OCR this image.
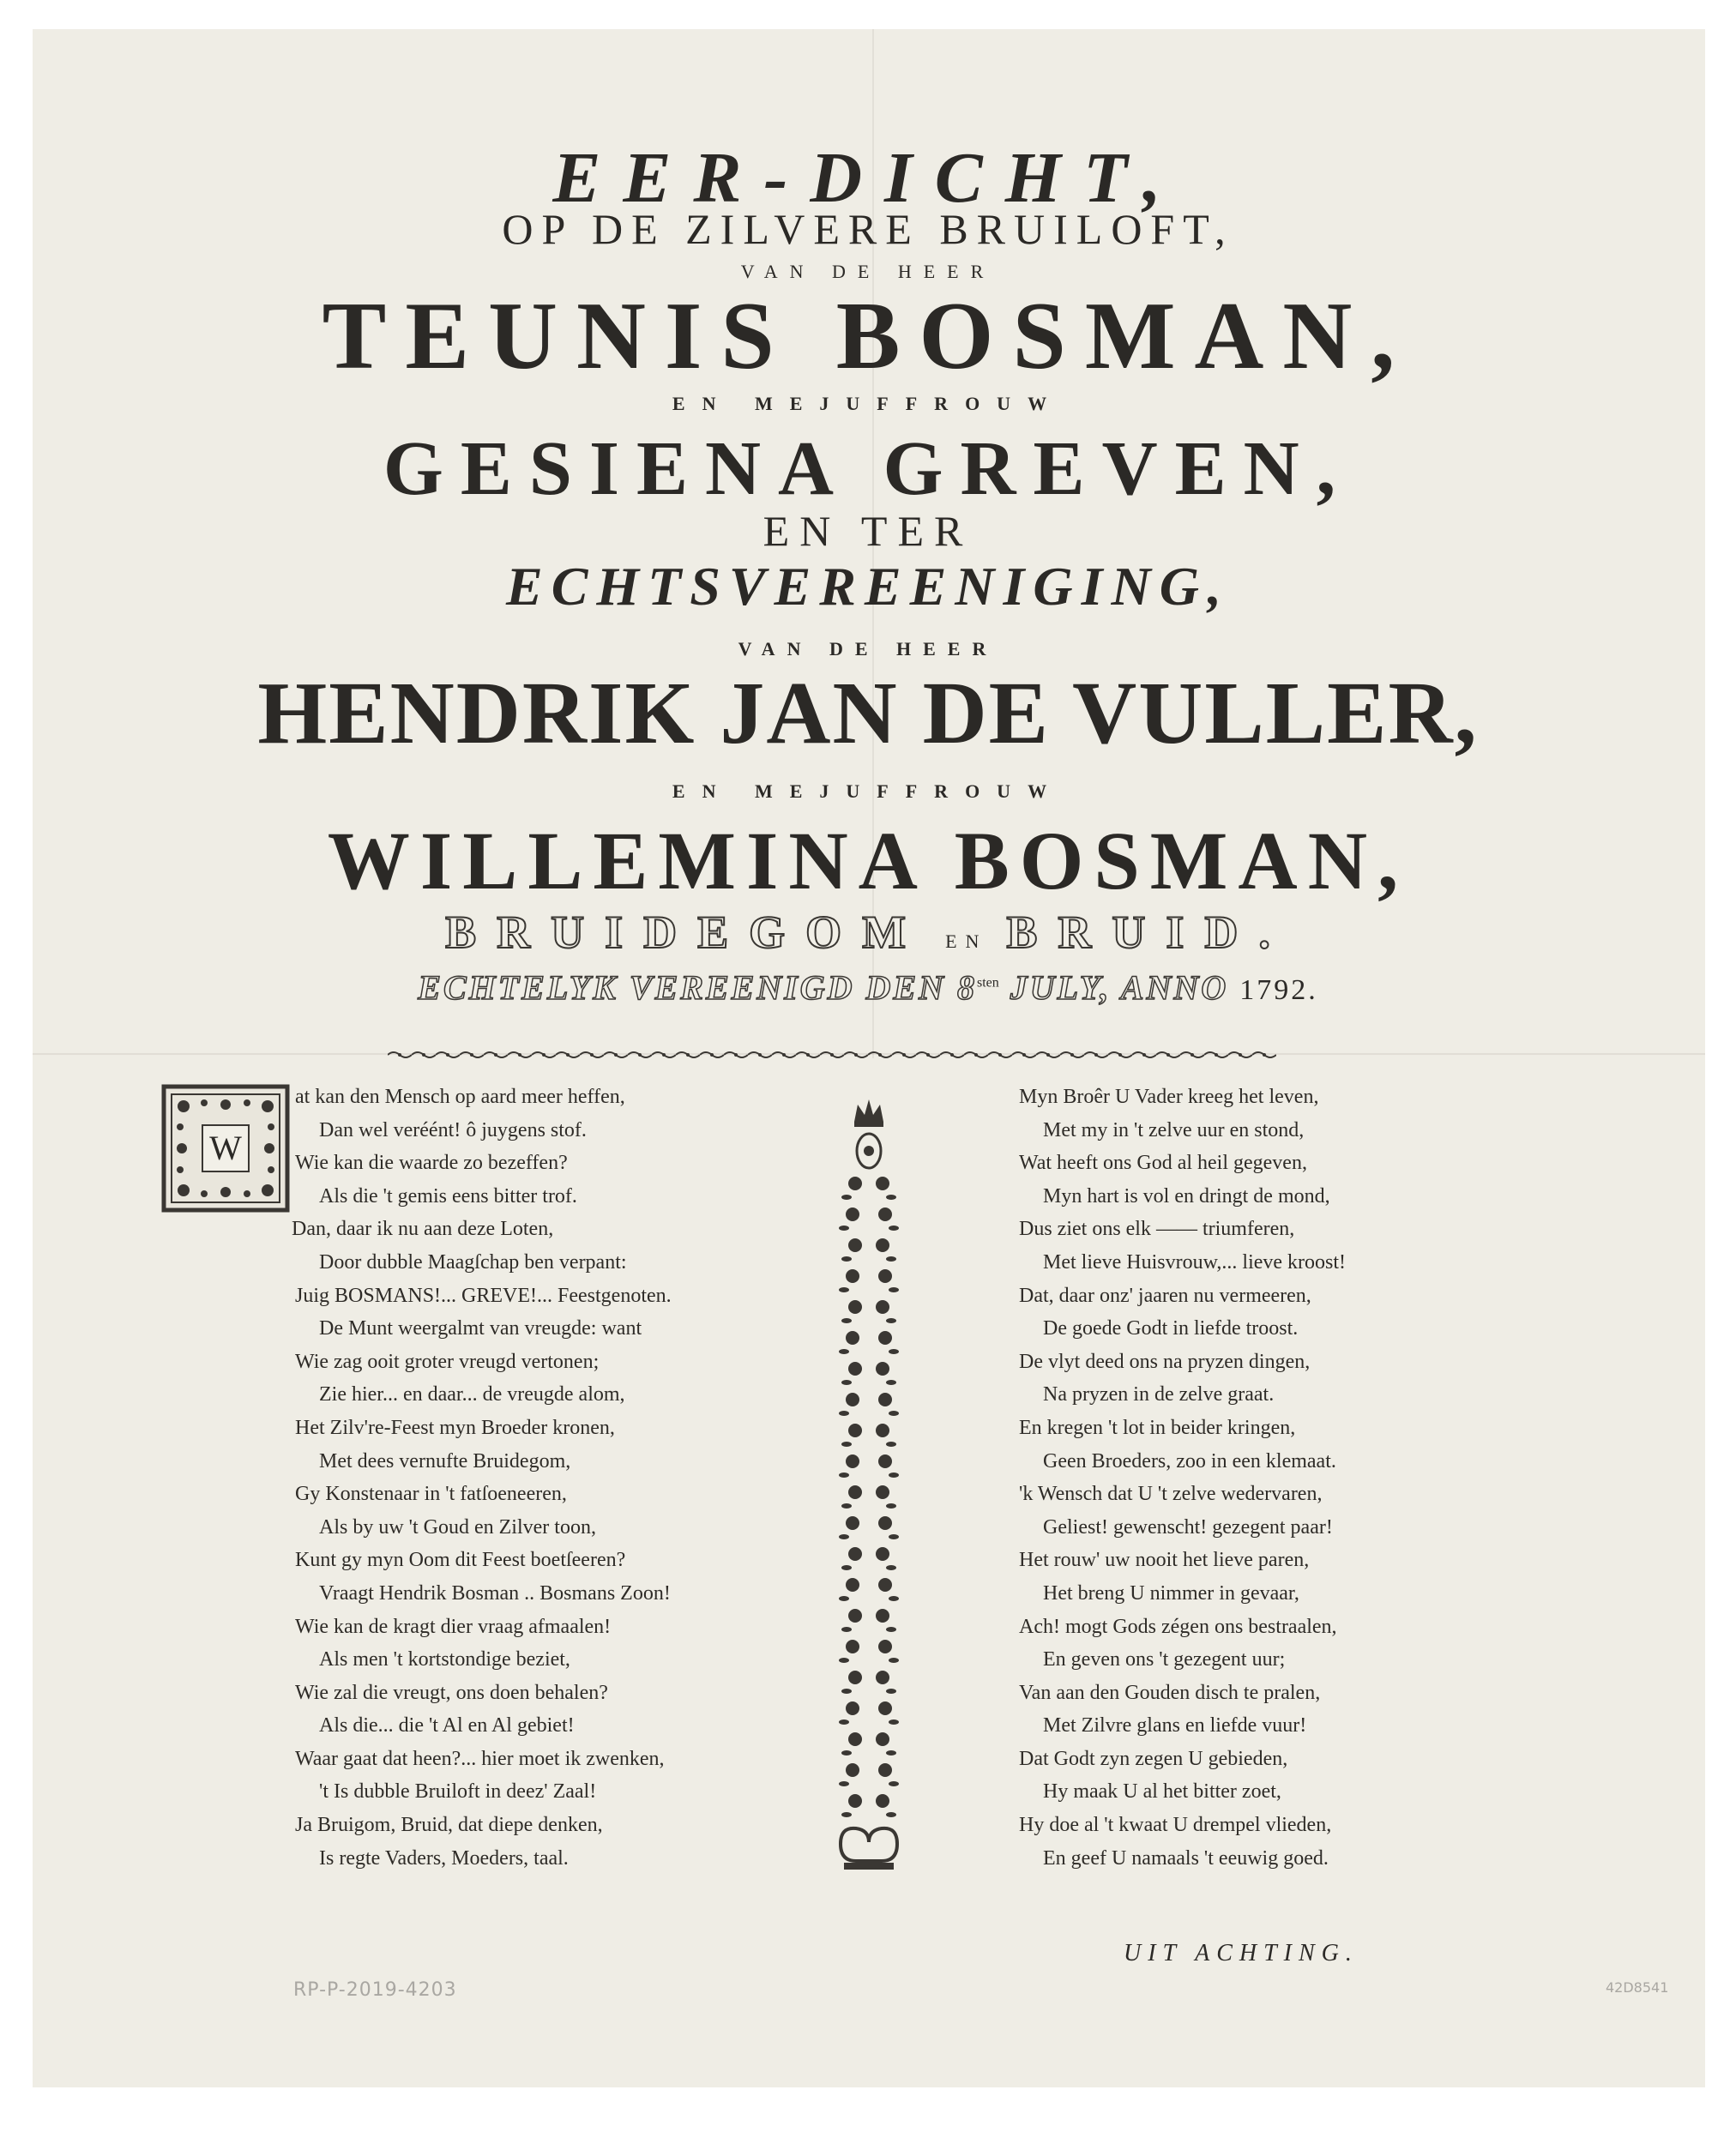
EER-DICHT,
OP DE ZILVERE BRUILOFT,
VAN DE HEER
TEUNIS BOSMAN,
EN MEJUFFROUW
GESIENA GREVEN,
EN TER
ECHTSVEREENIGING,
VAN DE HEER
HENDRIK JAN DE VULLER,
EN MEJUFFROUW
WILLEMINA BOSMAN,
BRUIDEGOM EN BRUID.
ECHTELYK VEREENIGD DEN $8^{sten}$ JULY, ANNO 1792.
W
at kan den Mensch op aard meer heffen,
Dan wel veréént! ô juygens stof.
Wie kan die waarde zo bezeffen?
Als die 't gemis eens bitter trof.
Dan, daar ik nu aan deze Loten,
Door dubble Maagſchap ben verpant:
Juig BOSMANS!... GREVE!... Feestgenoten.
De Munt weergalmt van vreugde: want
Wie zag ooit groter vreugd vertonen;
Zie hier... en daar... de vreugde alom,
Het Zilv're-Feest myn Broeder kronen,
Met dees vernufte Bruidegom,
Gy Konstenaar in 't fatſoeneeren,
Als by uw 't Goud en Zilver toon,
Kunt gy myn Oom dit Feest boetſeeren?
Vraagt Hendrik Bosman .. Bosmans Zoon!
Wie kan de kragt dier vraag afmaalen!
Als men 't kortstondige beziet,
Wie zal die vreugt, ons doen behalen?
Als die... die 't Al en Al gebiet!
Waar gaat dat heen?... hier moet ik zwenken,
't Is dubble Bruiloft in deez' Zaal!
Ja Bruigom, Bruid, dat diepe denken,
Is regte Vaders, Moeders, taal.
Myn Broêr U Vader kreeg het leven,
Met my in 't zelve uur en stond,
Wat heeft ons God al heil gegeven,
Myn hart is vol en dringt de mond,
Dus ziet ons elk —— triumferen,
Met lieve Huisvrouw,... lieve kroost!
Dat, daar onz' jaaren nu vermeeren,
De goede Godt in liefde troost.
De vlyt deed ons na pryzen dingen,
Na pryzen in de zelve graat.
En kregen 't lot in beider kringen,
Geen Broeders, zoo in een klemaat.
'k Wensch dat U 't zelve wedervaren,
Geliest! gewenscht! gezegent paar!
Het rouw' uw nooit het lieve paren,
Het breng U nimmer in gevaar,
Ach! mogt Gods zégen ons bestraalen,
En geven ons 't gezegent uur;
Van aan den Gouden disch te pralen,
Met Zilvre glans en liefde vuur!
Dat Godt zyn zegen U gebieden,
Hy maak U al het bitter zoet,
Hy doe al 't kwaat U drempel vlieden,
En geef U namaals 't eeuwig goed.
UIT ACHTING.
RP-P-2019-4203	42D8541
